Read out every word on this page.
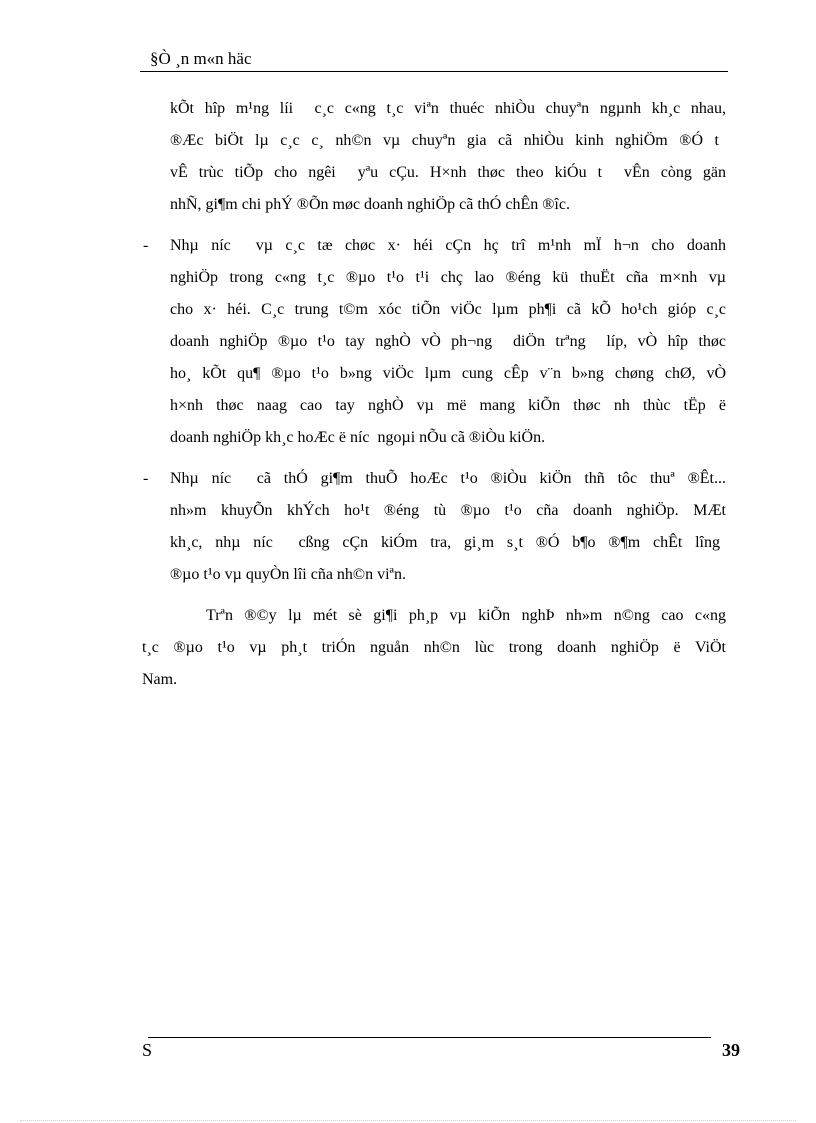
§Ò ¸n m«n häc
kÕt hîp m¹ng líi  c¸c c«ng t¸c viªn thuéc nhiÒu chuyªn ngµnh kh¸c nhau,
®Æc biÖt lµ c¸c c¸ nh©n vµ chuyªn gia cã nhiÒu kinh nghiÖm ®Ó t
vÊ trùc tiÕp cho ngêi  yªu cÇu. H×nh thøc theo kiÓu t  vÊn còng gän
nhÑ, gi¶m chi phÝ ®Õn møc doanh nghiÖp cã thÓ chÊn ®îc.
- Nhµ níc  vµ c¸c tæ chøc x· héi cÇn hç trî m¹nh mÏ h¬n cho doanh
nghiÖp trong c«ng t¸c ®µo t¹o t¹i chç lao ®éng kü thuËt cña m×nh vµ
cho x· héi. C¸c trung t©m xóc tiÕn viÖc lµm ph¶i cã kÕ ho¹ch gióp c¸c
doanh nghiÖp ®µo t¹o tay nghÒ vÒ ph¬ng  diÖn trªng  líp, vÒ hîp thøc
ho¸ kÕt qu¶ ®µo t¹o b»ng viÖc lµm cung cÊp v¨n b»ng chøng chØ, vÒ
h×nh thøc naag cao tay nghÒ vµ më mang kiÕn thøc nh thùc tËp ë
doanh nghiÖp kh¸c hoÆc ë níc  ngoµi nÕu cã ®iÒu kiÖn.
- Nhµ níc  cã thÓ gi¶m thuÕ hoÆc t¹o ®iÒu kiÖn thñ tôc thuª ®Êt...
nh»m khuyÕn khÝch ho¹t ®éng tù ®µo t¹o cña doanh nghiÖp. MÆt
kh¸c, nhµ níc  cßng cÇn kiÓm tra, gi¸m s¸t ®Ó b¶o ®¶m chÊt lîng
®µo t¹o vµ quyÒn lîi cña nh©n viªn.
Trªn ®©y lµ mét sè gi¶i ph¸p vµ kiÕn nghÞ nh»m n©ng cao c«ng
t¸c ®µo t¹o vµ ph¸t triÓn nguån nh©n lùc trong doanh nghiÖp ë ViÖt
Nam.
S	39
